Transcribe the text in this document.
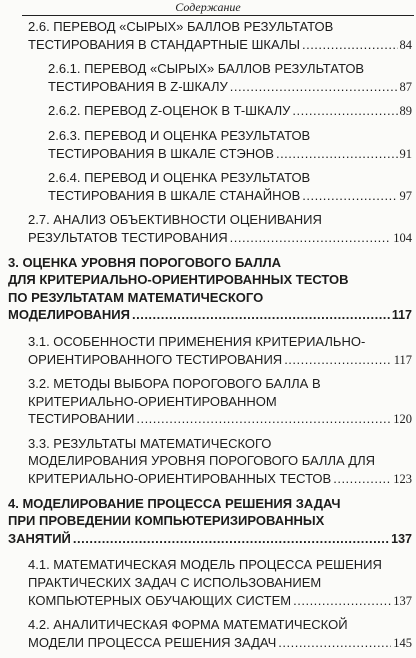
Содержание
2.6. ПЕРЕВОД «СЫРЫХ» БАЛЛОВ РЕЗУЛЬТАТОВ
ТЕСТИРОВАНИЯ В СТАНДАРТНЫЕ ШКАЛЫ .....	84
2.6.1. ПЕРЕВОД «СЫРЫХ» БАЛЛОВ РЕЗУЛЬТАТОВ
ТЕСТИРОВАНИЯ В Z-ШКАЛУ .....	87
2.6.2. ПЕРЕВОД Z-ОЦЕНОК В T-ШКАЛУ .....	89
2.6.3. ПЕРЕВОД И ОЦЕНКА РЕЗУЛЬТАТОВ
ТЕСТИРОВАНИЯ В ШКАЛЕ СТЭНОВ .....	91
2.6.4. ПЕРЕВОД И ОЦЕНКА РЕЗУЛЬТАТОВ
ТЕСТИРОВАНИЯ В ШКАЛЕ СТАНАЙНОВ .....	97
2.7. АНАЛИЗ ОБЪЕКТИВНОСТИ ОЦЕНИВАНИЯ
РЕЗУЛЬТАТОВ ТЕСТИРОВАНИЯ .....	104
3. ОЦЕНКА УРОВНЯ ПОРОГОВОГО БАЛЛА
ДЛЯ КРИТЕРИАЛЬНО-ОРИЕНТИРОВАННЫХ ТЕСТОВ
ПО РЕЗУЛЬТАТАМ МАТЕМАТИЧЕСКОГО
МОДЕЛИРОВАНИЯ .....	117
3.1. ОСОБЕННОСТИ ПРИМЕНЕНИЯ КРИТЕРИАЛЬНО-
ОРИЕНТИРОВАННОГО ТЕСТИРОВАНИЯ .....	117
3.2. МЕТОДЫ ВЫБОРА ПОРОГОВОГО БАЛЛА В
КРИТЕРИАЛЬНО-ОРИЕНТИРОВАННОМ
ТЕСТИРОВАНИИ .....	120
3.3. РЕЗУЛЬТАТЫ МАТЕМАТИЧЕСКОГО
МОДЕЛИРОВАНИЯ УРОВНЯ ПОРОГОВОГО БАЛЛА ДЛЯ
КРИТЕРИАЛЬНО-ОРИЕНТИРОВАННЫХ ТЕСТОВ .....	123
4. МОДЕЛИРОВАНИЕ ПРОЦЕССА РЕШЕНИЯ ЗАДАЧ
ПРИ ПРОВЕДЕНИИ КОМПЬЮТЕРИЗИРОВАННЫХ
ЗАНЯТИЙ .....	137
4.1. МАТЕМАТИЧЕСКАЯ МОДЕЛЬ ПРОЦЕССА РЕШЕНИЯ
ПРАКТИЧЕСКИХ ЗАДАЧ С ИСПОЛЬЗОВАНИЕМ
КОМПЬЮТЕРНЫХ ОБУЧАЮЩИХ СИСТЕМ .....	137
4.2. АНАЛИТИЧЕСКАЯ ФОРМА МАТЕМАТИЧЕСКОЙ
МОДЕЛИ ПРОЦЕССА РЕШЕНИЯ ЗАДАЧ .....	145
